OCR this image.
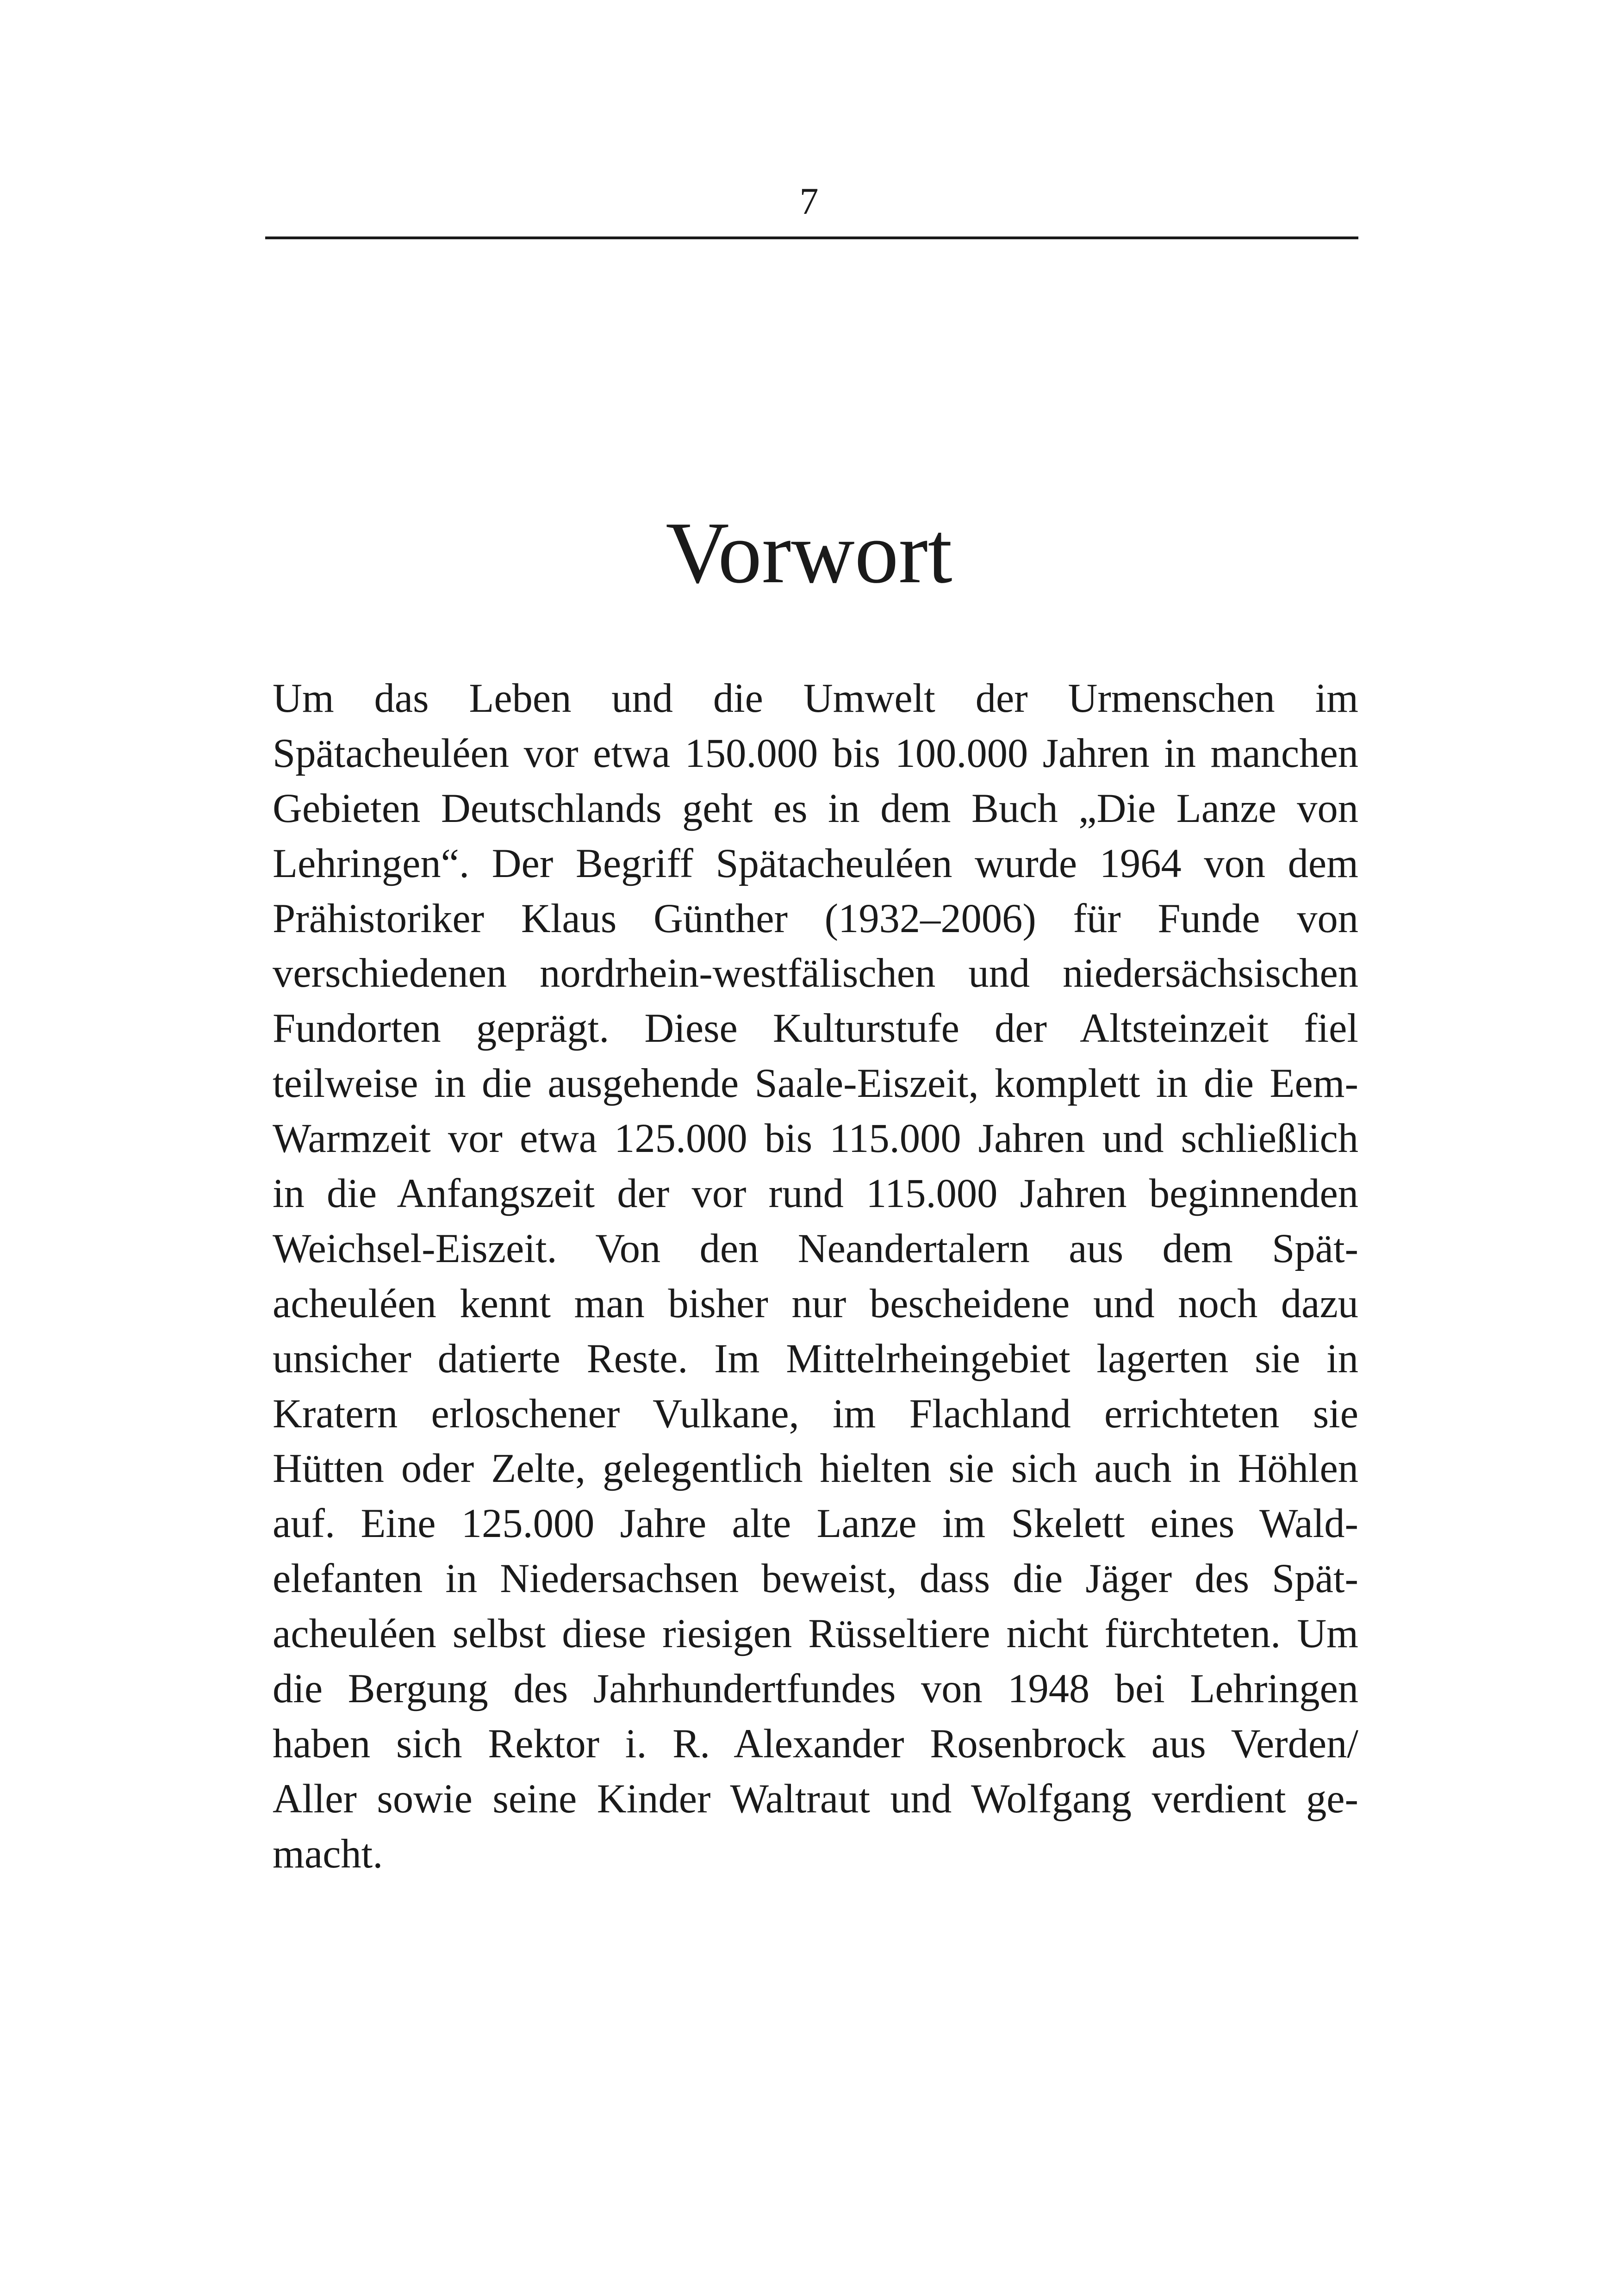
7
Vorwort
Um das Leben und die Umwelt der Urmenschen im
Spätacheuléen vor etwa 150.000 bis 100.000 Jahren in manchen
Gebieten Deutschlands geht es in dem Buch „Die Lanze von
Lehringen“. Der Begriff Spätacheuléen wurde 1964 von dem
Prähistoriker Klaus Günther (1932–2006) für Funde von
verschiedenen nordrhein-westfälischen und niedersächsischen
Fundorten geprägt. Diese Kulturstufe der Altsteinzeit fiel
teilweise in die ausgehende Saale-Eiszeit, komplett in die Eem-
Warmzeit vor etwa 125.000 bis 115.000 Jahren und schließlich
in die Anfangszeit der vor rund 115.000 Jahren beginnenden
Weichsel-Eiszeit. Von den Neandertalern aus dem Spät-
acheuléen kennt man bisher nur bescheidene und noch dazu
unsicher datierte Reste. Im Mittelrheingebiet lagerten sie in
Kratern erloschener Vulkane, im Flachland errichteten sie
Hütten oder Zelte, gelegentlich hielten sie sich auch in Höhlen
auf. Eine 125.000 Jahre alte Lanze im Skelett eines Wald-
elefanten in Niedersachsen beweist, dass die Jäger des Spät-
acheuléen selbst diese riesigen Rüsseltiere nicht fürchteten. Um
die Bergung des Jahrhundertfundes von 1948 bei Lehringen
haben sich Rektor i. R. Alexander Rosenbrock aus Verden/
Aller sowie seine Kinder Waltraut und Wolfgang verdient ge-
macht.
